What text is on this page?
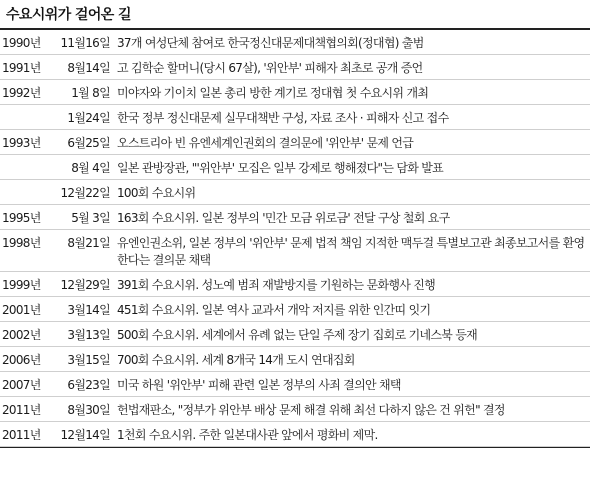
수요시위가 걸어온 길
1990년	11월16일 37개 여성단체 참여로 한국정신대문제대책협의회(정대협) 출범
1991년	8월14일 고 김학순 할머니(당시 67살), '위안부' 피해자 최초로 공개 증언
1992년	1월 8일 미야자와 기이치 일본 총리 방한 계기로 정대협 첫 수요시위 개최
1월24일 한국 정부 정신대문제 실무대책반 구성, 자료 조사 · 피해자 신고 접수
1993년	6월25일 오스트리아 빈 유엔세계인권회의 결의문에 '위안부' 문제 언급
8월 4일 일본 관방장관, "'위안부' 모집은 일부 강제로 행해졌다"는 담화 발표
12월22일 100회 수요시위
1995년	5월 3일 163회 수요시위. 일본 정부의 '민간 모금 위로금' 전달 구상 철회 요구
1998년	8월21일 유엔인권소위, 일본 정부의 '위안부' 문제 법적 책임 지적한 맥두걸 특별보고관 최종보고서를 환영한다는 결의문 채택
1999년	12월29일 391회 수요시위. 성노예 범죄 재발방지를 기원하는 문화행사 진행
2001년	3월14일 451회 수요시위. 일본 역사 교과서 개악 저지를 위한 인간띠 잇기
2002년	3월13일 500회 수요시위. 세계에서 유례 없는 단일 주제 장기 집회로 기네스북 등재
2006년	3월15일 700회 수요시위. 세계 8개국 14개 도시 연대집회
2007년	6월23일 미국 하원 '위안부' 피해 관련 일본 정부의 사죄 결의안 채택
2011년	8월30일 헌법재판소, "정부가 위안부 배상 문제 해결 위해 최선 다하지 않은 건 위헌" 결정
2011년	12월14일 1천회 수요시위. 주한 일본대사관 앞에서 평화비 제막.
